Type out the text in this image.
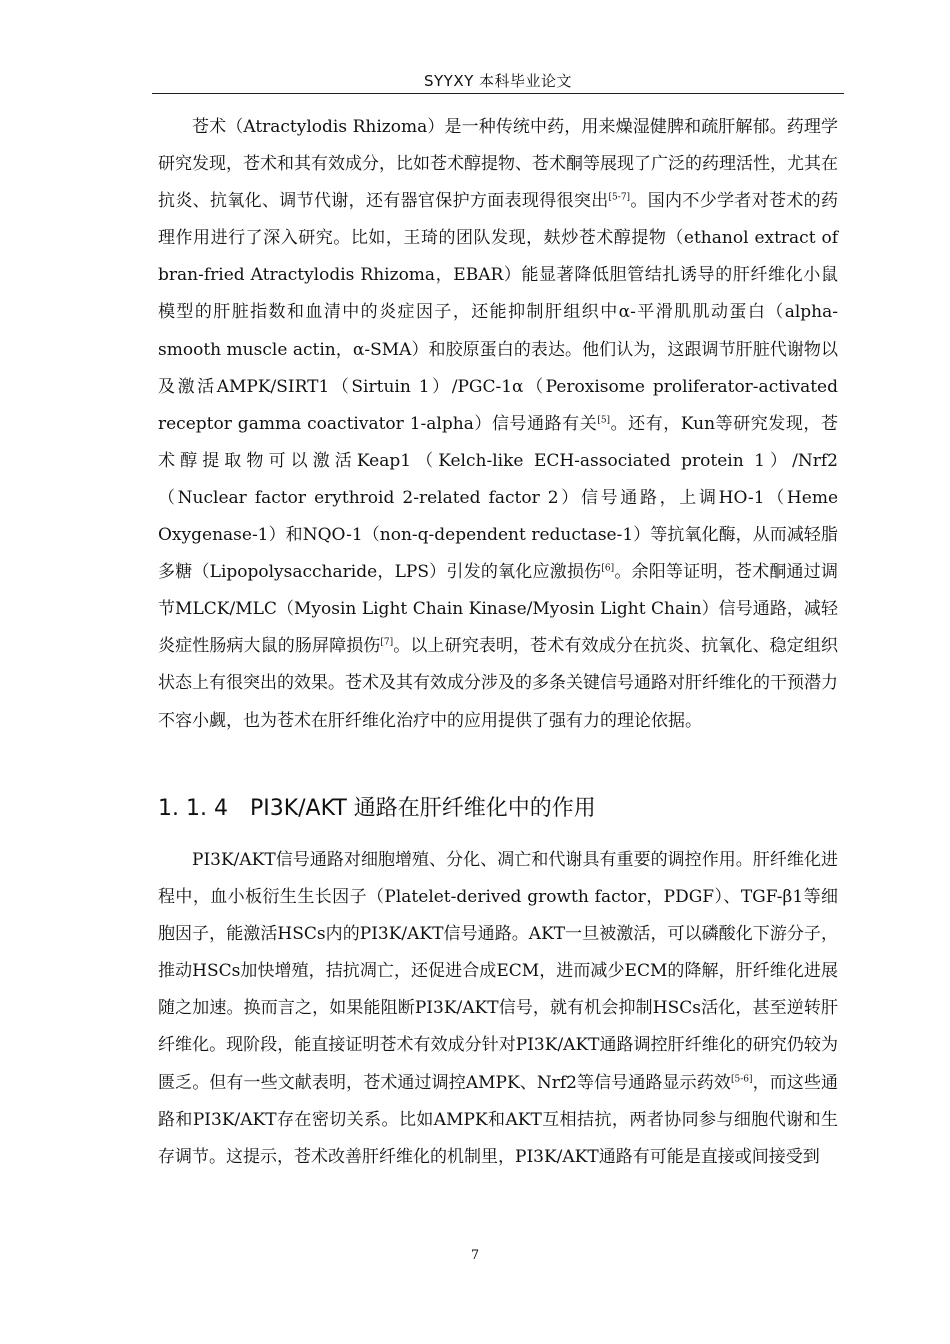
SYYXY 本科毕业论文

苍术（Atractylodis Rhizoma）是一种传统中药，用来燥湿健脾和疏肝解郁。药理学研究发现，苍术和其有效成分，比如苍术醇提物、苍术酮等展现了广泛的药理活性，尤其在抗炎、抗氧化、调节代谢，还有器官保护方面表现得很突出[5-7]。国内不少学者对苍术的药理作用进行了深入研究。比如，王琦的团队发现，麸炒苍术醇提物（ethanol extract of bran-fried Atractylodis Rhizoma，EBAR）能显著降低胆管结扎诱导的肝纤维化小鼠模型的肝脏指数和血清中的炎症因子，还能抑制肝组织中α-平滑肌肌动蛋白（alpha-smooth muscle actin，α-SMA）和胶原蛋白的表达。他们认为，这跟调节肝脏代谢物以及激活AMPK/SIRT1（Sirtuin 1）/PGC-1α（Peroxisome proliferator-activated receptor gamma coactivator 1-alpha）信号通路有关[5]。还有，Kun等研究发现，苍术醇提取物可以激活Keap1（Kelch-like ECH-associated protein 1）/Nrf2（Nuclear factor erythroid 2-related factor 2）信号通路，上调HO-1（Heme Oxygenase-1）和NQO-1（non-q-dependent reductase-1）等抗氧化酶，从而减轻脂多糖（Lipopolysaccharide，LPS）引发的氧化应激损伤[6]。余阳等证明，苍术酮通过调节MLCK/MLC（Myosin Light Chain Kinase/Myosin Light Chain）信号通路，减轻炎症性肠病大鼠的肠屏障损伤[7]。以上研究表明，苍术有效成分在抗炎、抗氧化、稳定组织状态上有很突出的效果。苍术及其有效成分涉及的多条关键信号通路对肝纤维化的干预潜力不容小觑，也为苍术在肝纤维化治疗中的应用提供了强有力的理论依据。

1. 1. 4 PI3K/AKT 通路在肝纤维化中的作用

PI3K/AKT信号通路对细胞增殖、分化、凋亡和代谢具有重要的调控作用。肝纤维化进程中，血小板衍生生长因子（Platelet-derived growth factor，PDGF）、TGF-β1等细胞因子，能激活HSCs内的PI3K/AKT信号通路。AKT一旦被激活，可以磷酸化下游分子，推动HSCs加快增殖，拮抗凋亡，还促进合成ECM，进而减少ECM的降解，肝纤维化进展随之加速。换而言之，如果能阻断PI3K/AKT信号，就有机会抑制HSCs活化，甚至逆转肝纤维化。现阶段，能直接证明苍术有效成分针对PI3K/AKT通路调控肝纤维化的研究仍较为匮乏。但有一些文献表明，苍术通过调控AMPK、Nrf2等信号通路显示药效[5-6]，而这些通路和PI3K/AKT存在密切关系。比如AMPK和AKT互相拮抗，两者协同参与细胞代谢和生存调节。这提示，苍术改善肝纤维化的机制里，PI3K/AKT通路有可能是直接或间接受到

7
